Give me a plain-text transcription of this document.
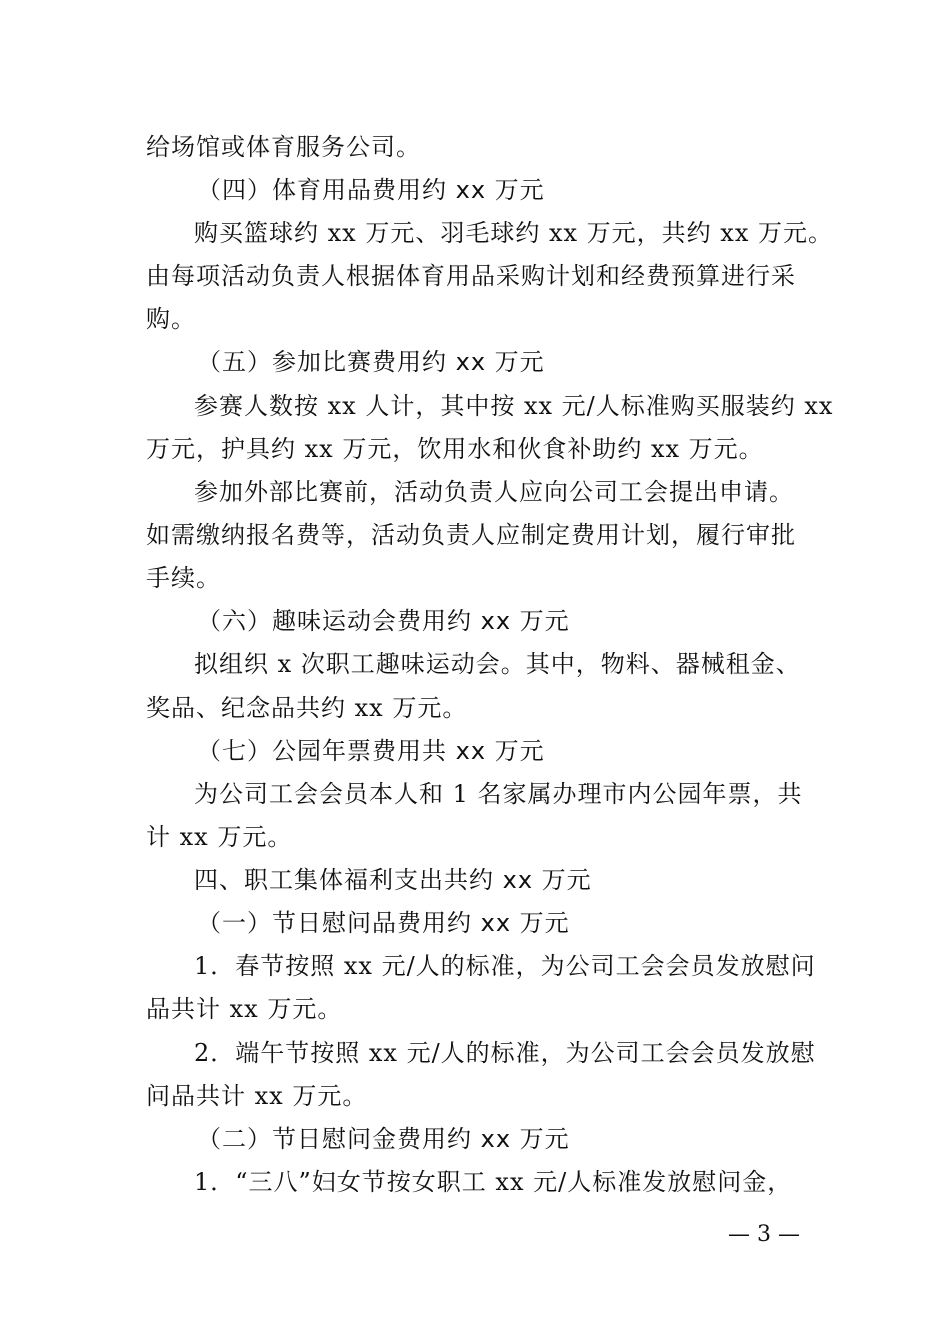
给场馆或体育服务公司。
（四）体育用品费用约 xx 万元
购买篮球约 xx 万元、羽毛球约 xx 万元，共约 xx 万元。
由每项活动负责人根据体育用品采购计划和经费预算进行采
购。
（五）参加比赛费用约 xx 万元
参赛人数按 xx 人计，其中按 xx 元/人标准购买服装约 xx
万元，护具约 xx 万元，饮用水和伙食补助约 xx 万元。
参加外部比赛前，活动负责人应向公司工会提出申请。
如需缴纳报名费等，活动负责人应制定费用计划，履行审批
手续。
（六）趣味运动会费用约 xx 万元
拟组织 x 次职工趣味运动会。其中，物料、器械租金、
奖品、纪念品共约 xx 万元。
（七）公园年票费用共 xx 万元
为公司工会会员本人和 1 名家属办理市内公园年票，共
计 xx 万元。
四、职工集体福利支出共约 xx 万元
（一）节日慰问品费用约 xx 万元
1．春节按照 xx 元/人的标准，为公司工会会员发放慰问
品共计 xx 万元。
2．端午节按照 xx 元/人的标准，为公司工会会员发放慰
问品共计 xx 万元。
（二）节日慰问金费用约 xx 万元
1．“三八”妇女节按女职工 xx 元/人标准发放慰问金，
— 3 —
